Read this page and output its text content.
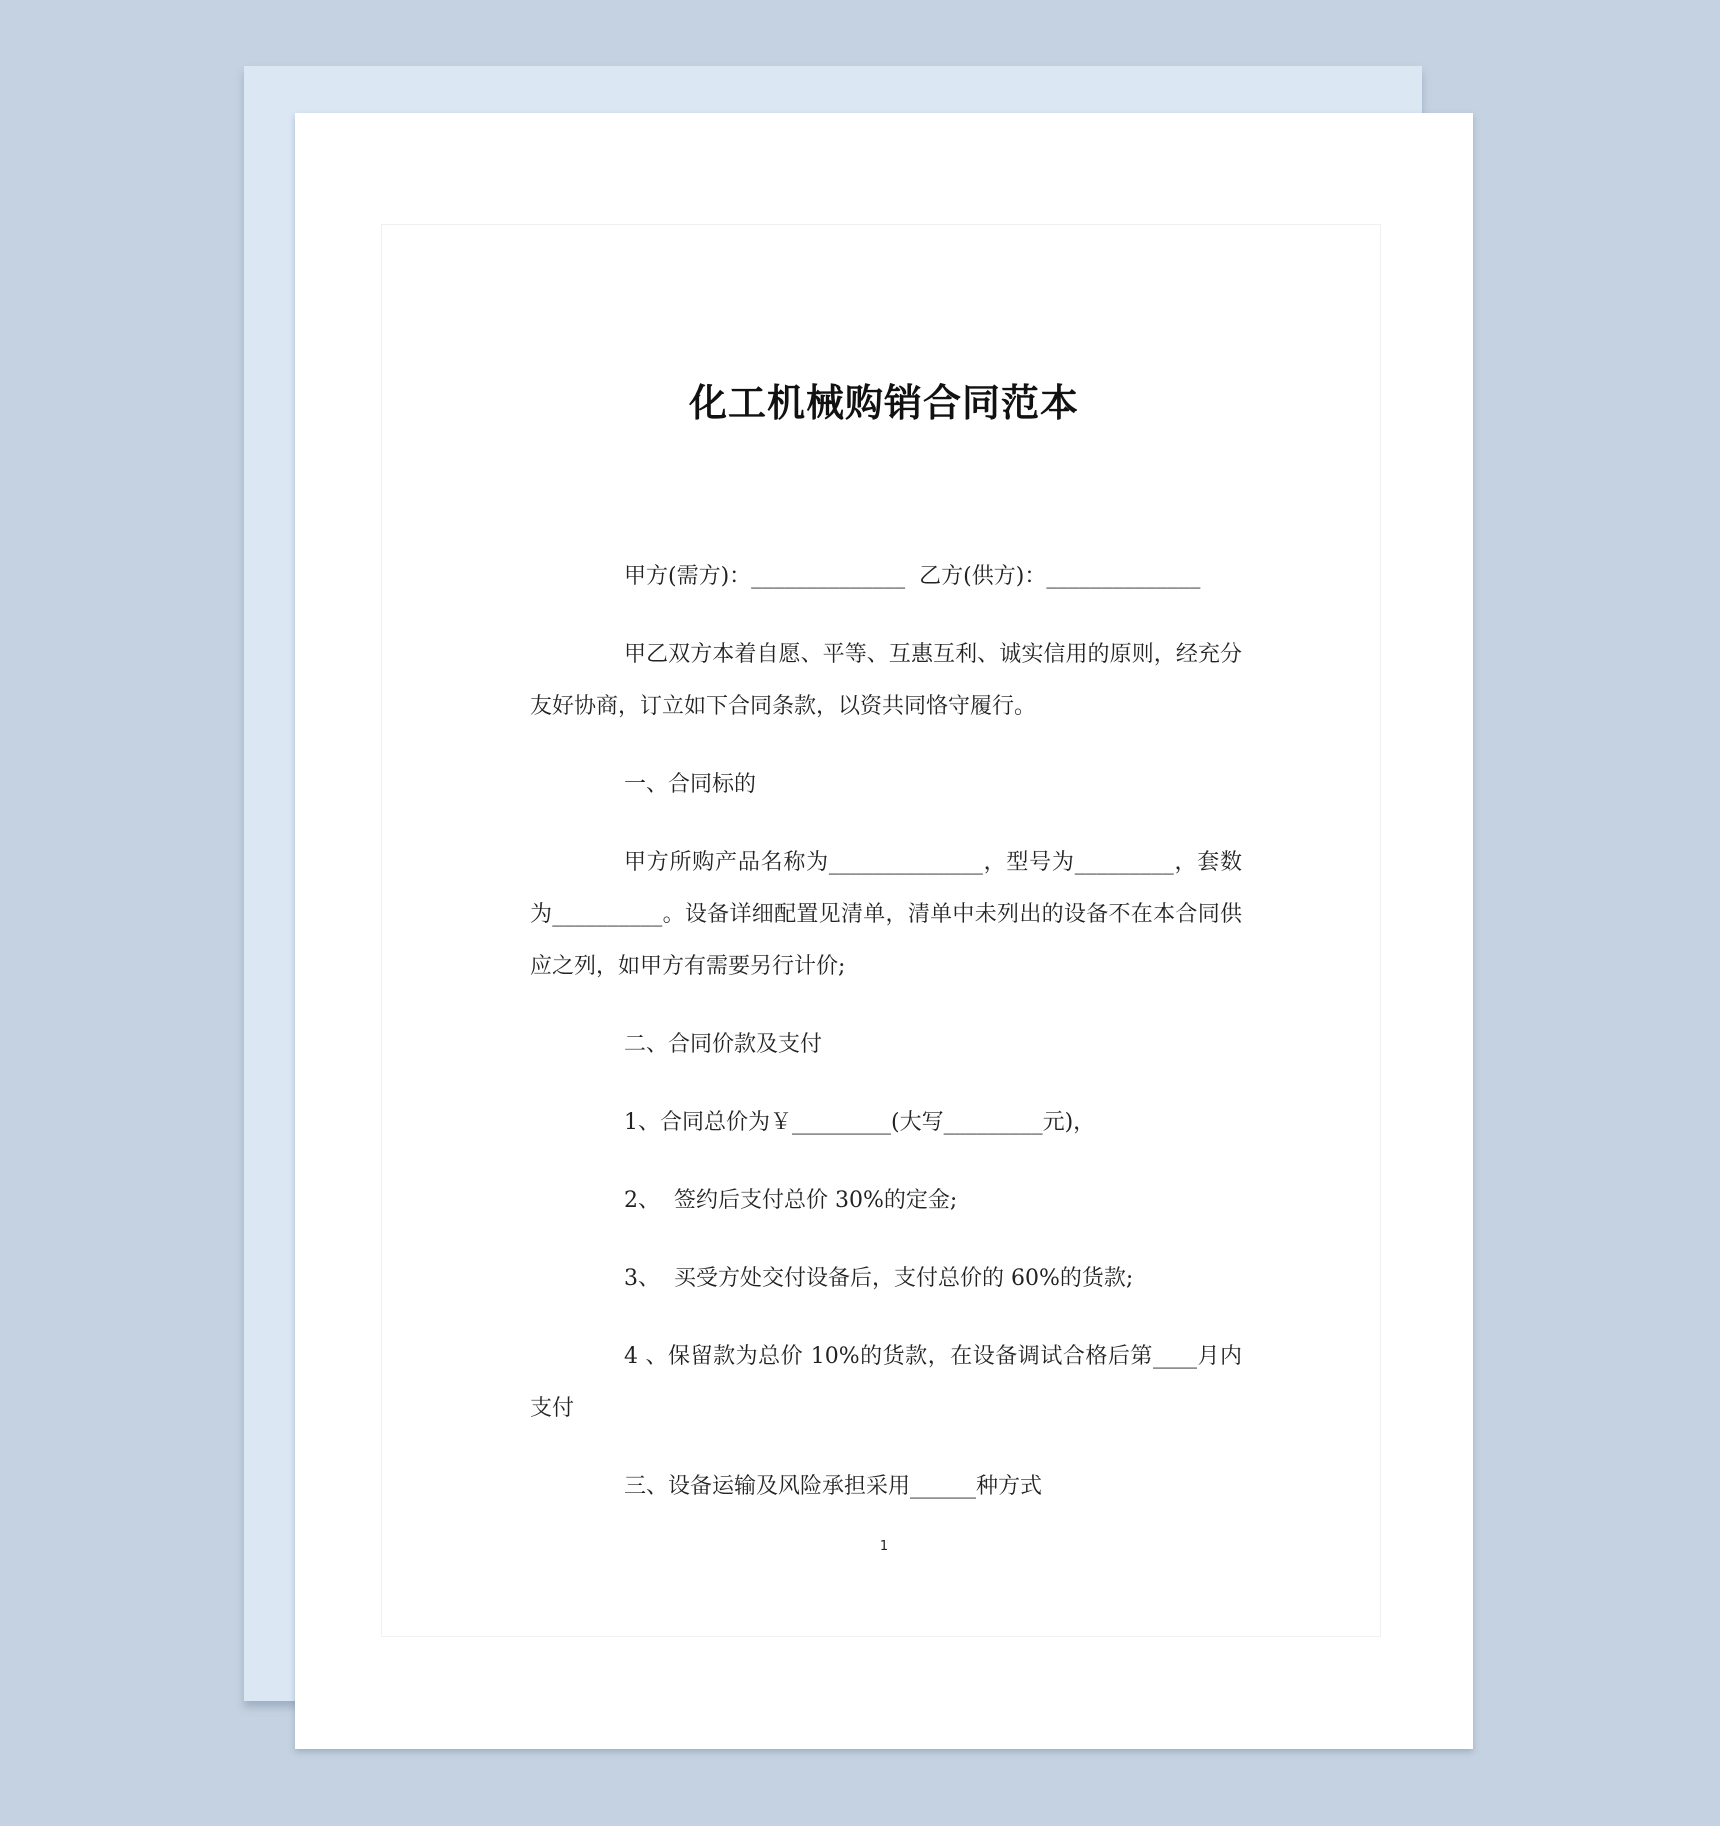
化工机械购销合同范本

甲方(需方)：______________  乙方(供方)：______________

甲乙双方本着自愿、平等、互惠互利、诚实信用的原则，经充分友好协商，订立如下合同条款，以资共同恪守履行。

一、合同标的

甲方所购产品名称为______________，型号为_________，套数为__________。设备详细配置见清单，清单中未列出的设备不在本合同供应之列，如甲方有需要另行计价;

二、合同价款及支付

1、合同总价为￥_________(大写_________元)，

2、  签约后支付总价 30%的定金;

3、  买受方处交付设备后，支付总价的 60%的货款;

4 、保留款为总价 10%的货款，在设备调试合格后第____月内支付

三、设备运输及风险承担采用______种方式

1
